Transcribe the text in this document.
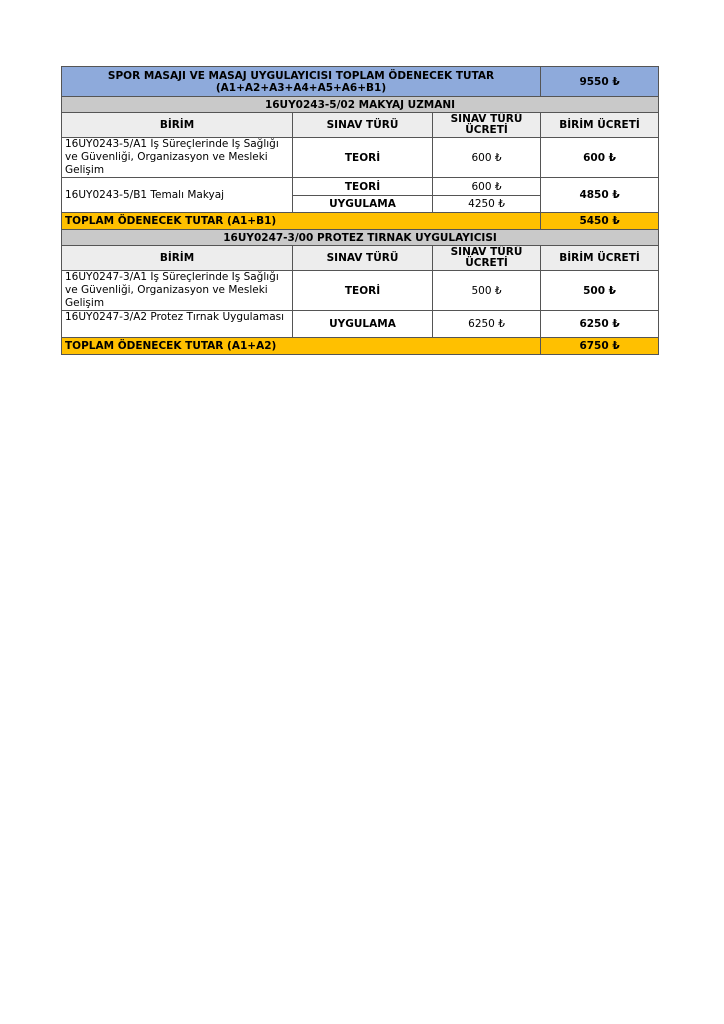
SPOR MASAJI VE MASAJ UYGULAYICISI TOPLAM ÖDENECEK TUTAR
(A1+A2+A3+A4+A5+A6+B1)			9550 ₺
16UY0243-5/02 MAKYAJ UZMANI			
BİRİM	SINAV TÜRÜ	SINAV TÜRÜ ÜCRETİ	BİRİM ÜCRETİ
16UY0243-5/A1 İş Süreçlerinde İş Sağlığı ve Güvenliği, Organizasyon ve Mesleki Gelişim	TEORİ	600 ₺	600 ₺
16UY0243-5/B1 Temalı Makyaj	TEORİ	600 ₺	4850 ₺
	UYGULAMA	4250 ₺	
TOPLAM ÖDENECEK TUTAR (A1+B1)			5450 ₺
16UY0247-3/00 PROTEZ TIRNAK UYGULAYICISI			
BİRİM	SINAV TÜRÜ	SINAV TÜRÜ ÜCRETİ	BİRİM ÜCRETİ
16UY0247-3/A1 İş Süreçlerinde İş Sağlığı ve Güvenliği, Organizasyon ve Mesleki Gelişim	TEORİ	500 ₺	500 ₺
16UY0247-3/A2 Protez Tırnak Uygulaması	UYGULAMA	6250 ₺	6250 ₺
TOPLAM ÖDENECEK TUTAR (A1+A2)			6750 ₺
